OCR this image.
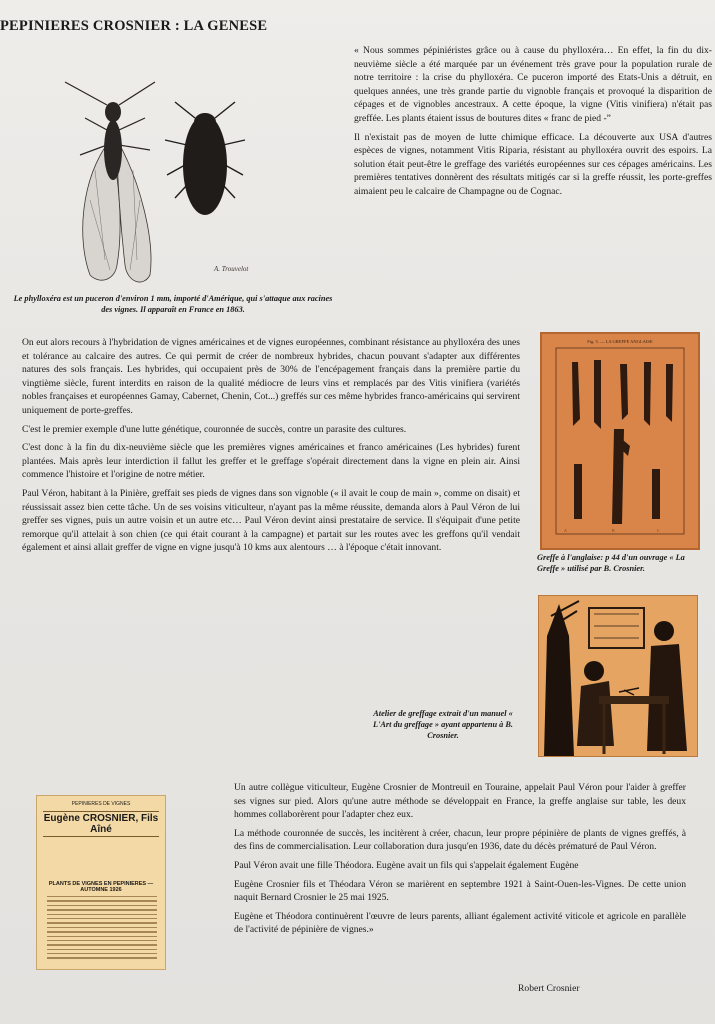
PEPINIERES CROSNIER : LA GENESE
A. Trouvelot
Le phylloxéra est un puceron d'environ 1 mm, importé d'Amérique, qui s'attaque aux racines des vignes. Il apparaît en France en 1863.

« Nous sommes pépiniéristes grâce ou à cause du phylloxéra… En effet, la fin du dix-neuvième siècle a été marquée par un événement très grave pour la population rurale de notre territoire : la crise du phylloxéra. Ce puceron importé des Etats-Unis a détruit, en quelques années, une très grande partie du vignoble français et provoqué la disparition de cépages et de vignobles ancestraux. A cette époque, la vigne (Vitis vinifiera) n'était pas greffée. Les plants étaient issus de boutures dites « franc de pied -”

Il n'existait pas de moyen de lutte chimique efficace. La découverte aux USA d'autres espèces de vignes, notamment Vitis Riparia, résistant au phylloxéra ouvrit des espoirs. La solution était peut-être le greffage des variétés européennes sur ces cépages américains. Les premières tentatives donnèrent des résultats mitigés car si la greffe réussit, les porte-greffes aimaient peu le calcaire de Champagne ou de Cognac.

On eut alors recours à l'hybridation de vignes américaines et de vignes européennes, combinant résistance au phylloxéra des unes et tolérance au calcaire des autres. Ce qui permit de créer de nombreux hybrides, chacun pouvant s'adapter aux différentes natures des sols français. Les hybrides, qui occupaient près de 30% de l'encépagement français dans la première partie du vingtième siècle, furent interdits en raison de la qualité médiocre de leurs vins et remplacés par des Vitis vinifiera (variétés nobles françaises et européennes Gamay, Cabernet, Chenin, Cot...) greffés sur ces même hybrides franco-américains qui servirent uniquement de porte-greffes.

C'est le premier exemple d'une lutte génétique, couronnée de succès, contre un parasite des cultures.

C'est donc à la fin du dix-neuvième siècle que les premières vignes américaines et franco américaines (Les hybrides) furent plantées. Mais après leur interdiction il fallut les greffer et le greffage s'opérait directement dans la vigne en plein air. Ainsi commence l'histoire et l'origine de notre métier.

Paul Véron, habitant à la Pinière, greffait ses pieds de vignes dans son vignoble (« il avait le coup de main », comme on disait) et réussissait assez bien cette tâche. Un de ses voisins viticulteur, n'ayant pas la même réussite, demanda alors à Paul Véron de lui greffer ses vignes, puis un autre voisin et un autre etc… Paul Véron devint ainsi prestataire de service. Il s'équipait d'une petite remorque qu'il attelait à son chien (ce qui était courant à la campagne) et partait sur les routes avec les greffons qu'il vendait également et ainsi allait greffer de vigne en vigne jusqu'à 10 kms aux alentours … à l'époque c'était innovant.

Fig. 5. — LA GREFFE ANGLAISE
A	B	C
Greffe à l'anglaise: p 44 d'un ouvrage « La Greffe » utilisé par B. Crosnier.
Atelier de greffage extrait d'un manuel « L'Art du greffage » ayant appartenu à B. Crosnier.
PEPINIERES DE VIGNES
Eugène CROSNIER, Fils Aîné
PLANTS DE VIGNES EN PEPINIERES — AUTOMNE 1926

Un autre collègue viticulteur, Eugène Crosnier de Montreuil en Touraine, appelait Paul Véron pour l'aider à greffer ses vignes sur pied. Alors qu'une autre méthode se développait en France, la greffe anglaise sur table, les deux hommes collaborèrent pour l'adapter chez eux.

La méthode couronnée de succès, les incitèrent à créer, chacun, leur propre pépinière de plants de vignes greffés, à des fins de commercialisation. Leur collaboration dura jusqu'en 1936, date du décès prématuré de Paul Véron.

Paul Véron avait une fille Théodora. Eugène avait un fils qui s'appelait également Eugène

Eugène Crosnier fils et Théodara Véron se marièrent en septembre 1921 à Saint-Ouen-les-Vignes. De cette union naquit Bernard Crosnier le 25 mai 1925.

Eugène et Théodora continuèrent l'œuvre de leurs parents, alliant également activité viticole et agricole en parallèle de l'activité de pépinière de vignes.»

Robert Crosnier
